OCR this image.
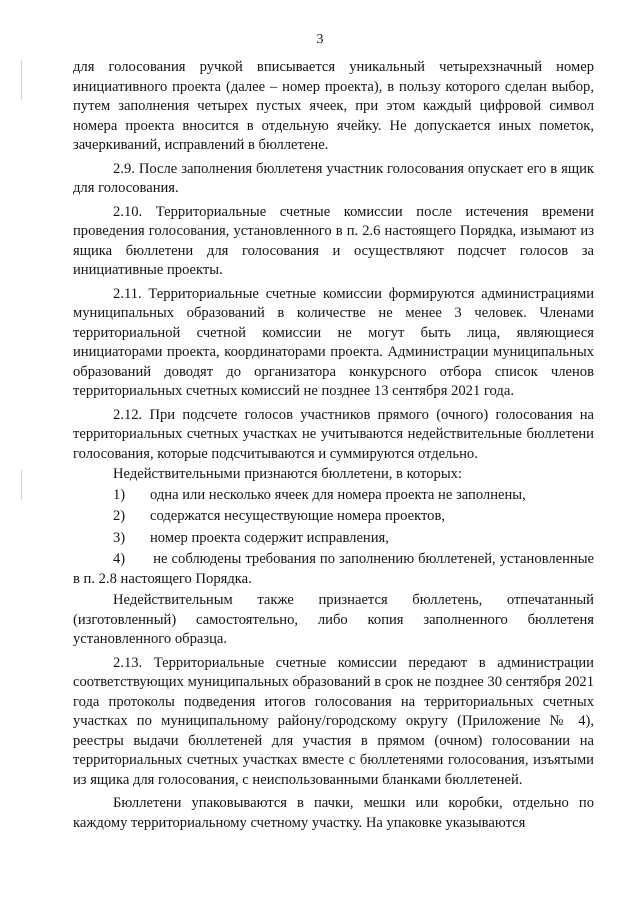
3

для голосования ручкой вписывается уникальный четырехзначный номер инициативного проекта (далее – номер проекта), в пользу которого сделан выбор, путем заполнения четырех пустых ячеек, при этом каждый цифровой символ номера проекта вносится в отдельную ячейку. Не допускается иных пометок, зачеркиваний, исправлений в бюллетене.

2.9. После заполнения бюллетеня участник голосования опускает его в ящик для голосования.

2.10. Территориальные счетные комиссии после истечения времени проведения голосования, установленного в п. 2.6 настоящего Порядка, изымают из ящика бюллетени для голосования и осуществляют подсчет голосов за инициативные проекты.

2.11. Территориальные счетные комиссии формируются администрациями муниципальных образований в количестве не менее 3 человек. Членами территориальной счетной комиссии не могут быть лица, являющиеся инициаторами проекта, координаторами проекта. Администрации муниципальных образований доводят до организатора конкурсного отбора список членов территориальных счетных комиссий не позднее 13 сентября 2021 года.

2.12. При подсчете голосов участников прямого (очного) голосования на территориальных счетных участках не учитываются недействительные бюллетени голосования, которые подсчитываются и суммируются отдельно.

Недействительными признаются бюллетени, в которых:

1)	одна или несколько ячеек для номера проекта не заполнены,
2)	содержатся несуществующие номера проектов,
3)	номер проекта содержит исправления,
4) не соблюдены требования по заполнению бюллетеней, установленные в п. 2.8 настоящего Порядка.

Недействительным также признается бюллетень, отпечатанный (изготовленный) самостоятельно, либо копия заполненного бюллетеня установленного образца.

2.13. Территориальные счетные комиссии передают в администрации соответствующих муниципальных образований в срок не позднее 30 сентября 2021 года протоколы подведения итогов голосования на территориальных счетных участках по муниципальному району/городскому округу (Приложение № 4), реестры выдачи бюллетеней для участия в прямом (очном) голосовании на территориальных счетных участках вместе с бюллетенями голосования, изъятыми из ящика для голосования, с неиспользованными бланками бюллетеней.

Бюллетени упаковываются в пачки, мешки или коробки, отдельно по каждому территориальному счетному участку. На упаковке указываются
